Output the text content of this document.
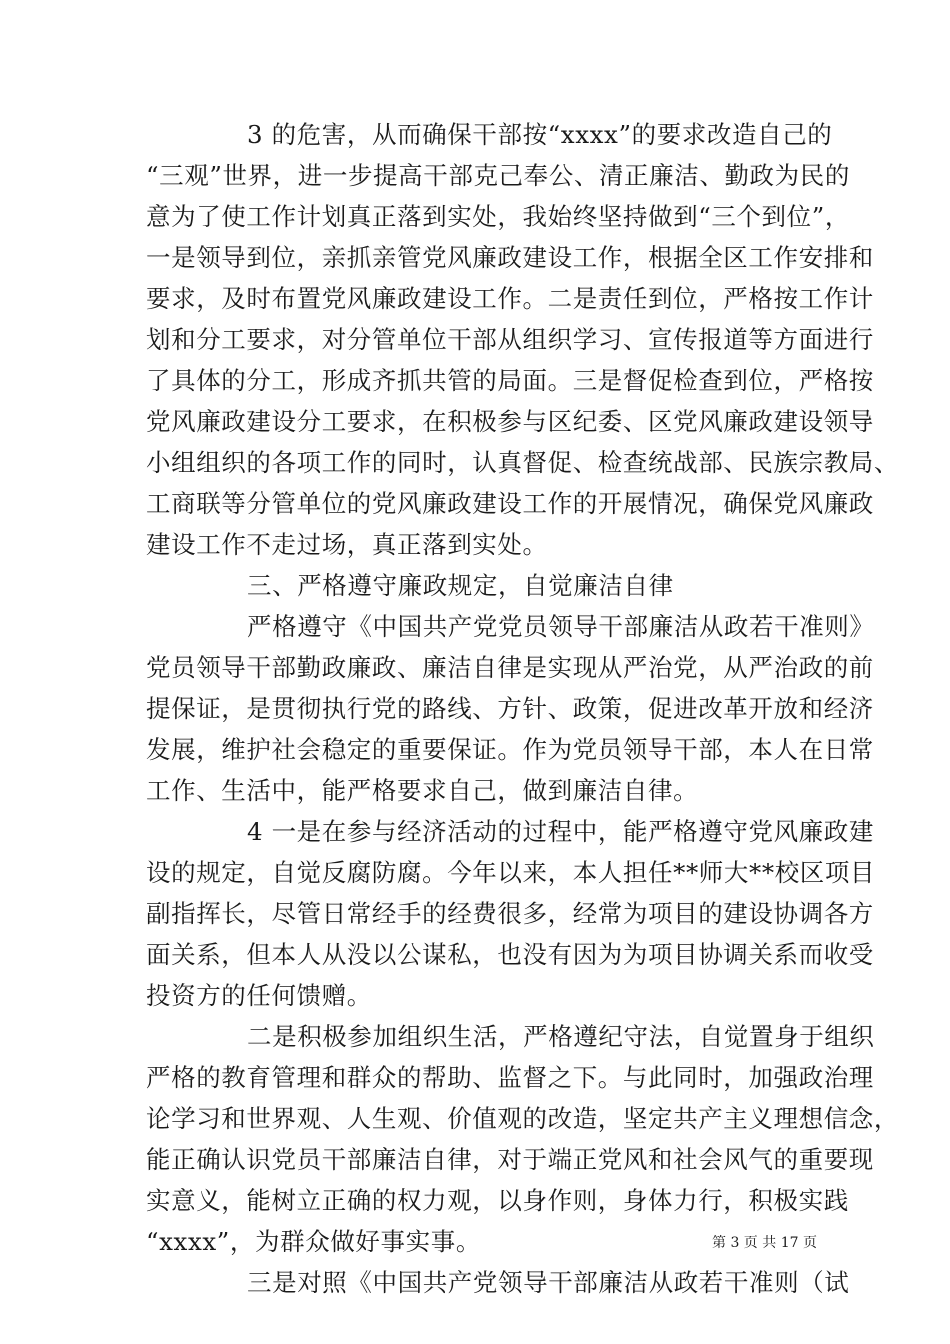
3 的危害，从而确保干部按“xxxx”的要求改造自己的
“三观”世界，进一步提高干部克己奉公、清正廉洁、勤政为民的
意为了使工作计划真正落到实处，我始终坚持做到“三个到位”，
一是领导到位，亲抓亲管党风廉政建设工作，根据全区工作安排和
要求，及时布置党风廉政建设工作。二是责任到位，严格按工作计
划和分工要求，对分管单位干部从组织学习、宣传报道等方面进行
了具体的分工，形成齐抓共管的局面。三是督促检查到位，严格按
党风廉政建设分工要求，在积极参与区纪委、区党风廉政建设领导
小组组织的各项工作的同时，认真督促、检查统战部、民族宗教局、
工商联等分管单位的党风廉政建设工作的开展情况，确保党风廉政
建设工作不走过场，真正落到实处。
三、严格遵守廉政规定，自觉廉洁自律
严格遵守《中国共产党党员领导干部廉洁从政若干准则》
党员领导干部勤政廉政、廉洁自律是实现从严治党，从严治政的前
提保证，是贯彻执行党的路线、方针、政策，促进改革开放和经济
发展，维护社会稳定的重要保证。作为党员领导干部，本人在日常
工作、生活中，能严格要求自己，做到廉洁自律。
4 一是在参与经济活动的过程中，能严格遵守党风廉政建
设的规定，自觉反腐防腐。今年以来，本人担任**师大**校区项目
副指挥长，尽管日常经手的经费很多，经常为项目的建设协调各方
面关系，但本人从没以公谋私，也没有因为为项目协调关系而收受
投资方的任何馈赠。
二是积极参加组织生活，严格遵纪守法，自觉置身于组织
严格的教育管理和群众的帮助、监督之下。与此同时，加强政治理
论学习和世界观、人生观、价值观的改造，坚定共产主义理想信念，
能正确认识党员干部廉洁自律，对于端正党风和社会风气的重要现
实意义，能树立正确的权力观，以身作则，身体力行，积极实践
“xxxx”，为群众做好事实事。
三是对照《中国共产党领导干部廉洁从政若干准则（试
第 3 页 共 17 页
